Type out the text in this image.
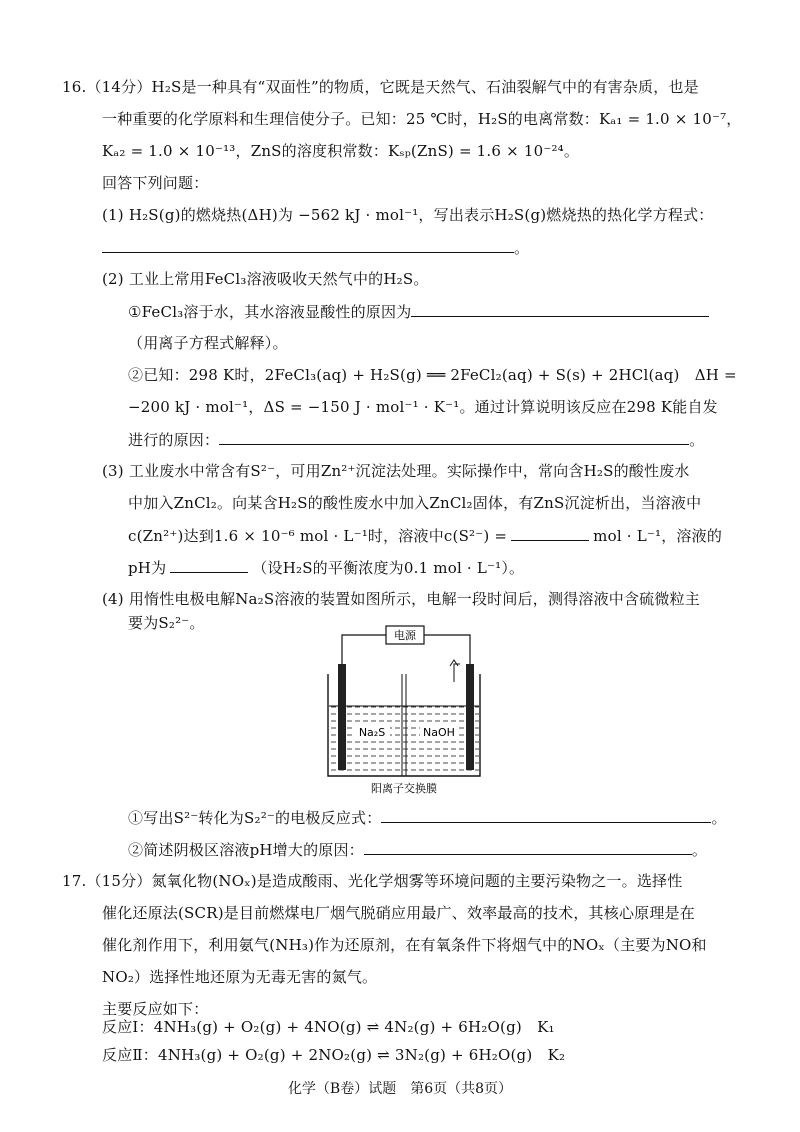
16.（14分）H₂S是一种具有“双面性”的物质，它既是天然气、石油裂解气中的有害杂质，也是
一种重要的化学原料和生理信使分子。已知：25 ℃时，H₂S的电离常数：Kₐ₁ = 1.0 × 10⁻⁷，
Kₐ₂ = 1.0 × 10⁻¹³，ZnS的溶度积常数：Kₛₚ(ZnS) = 1.6 × 10⁻²⁴。
回答下列问题：
(1) H₂S(g)的燃烧热(ΔH)为 −562 kJ · mol⁻¹，写出表示H₂S(g)燃烧热的热化学方程式：
。
(2) 工业上常用FeCl₃溶液吸收天然气中的H₂S。
①FeCl₃溶于水，其水溶液显酸性的原因为
（用离子方程式解释）。
②已知：298 K时，2FeCl₃(aq) + H₂S(g) ══ 2FeCl₂(aq) + S(s) + 2HCl(aq)　ΔH =
−200 kJ · mol⁻¹，ΔS = −150 J · mol⁻¹ · K⁻¹。通过计算说明该反应在298 K能自发
进行的原因：	。
(3) 工业废水中常含有S²⁻，可用Zn²⁺沉淀法处理。实际操作中，常向含H₂S的酸性废水
中加入ZnCl₂。向某含H₂S的酸性废水中加入ZnCl₂固体，有ZnS沉淀析出，当溶液中
c(Zn²⁺)达到1.6 × 10⁻⁶ mol · L⁻¹时，溶液中c(S²⁻) =	mol · L⁻¹，溶液的
pH为	（设H₂S的平衡浓度为0.1 mol · L⁻¹）。
(4) 用惰性电极电解Na₂S溶液的装置如图所示，电解一段时间后，测得溶液中含硫微粒主
要为S₂²⁻。
电源
Na₂S	NaOH
阳离子交换膜
①写出S²⁻转化为S₂²⁻的电极反应式：	。
②简述阴极区溶液pH增大的原因：	。
17.（15分）氮氧化物(NOₓ)是造成酸雨、光化学烟雾等环境问题的主要污染物之一。选择性
催化还原法(SCR)是目前燃煤电厂烟气脱硝应用最广、效率最高的技术，其核心原理是在
催化剂作用下，利用氨气(NH₃)作为还原剂，在有氧条件下将烟气中的NOₓ（主要为NO和
NO₂）选择性地还原为无毒无害的氮气。
主要反应如下：
反应Ⅰ：4NH₃(g) + O₂(g) + 4NO(g) ⇌ 4N₂(g) + 6H₂O(g)　K₁
反应Ⅱ：4NH₃(g) + O₂(g) + 2NO₂(g) ⇌ 3N₂(g) + 6H₂O(g)　K₂
化学（B卷）试题　第6页（共8页）
